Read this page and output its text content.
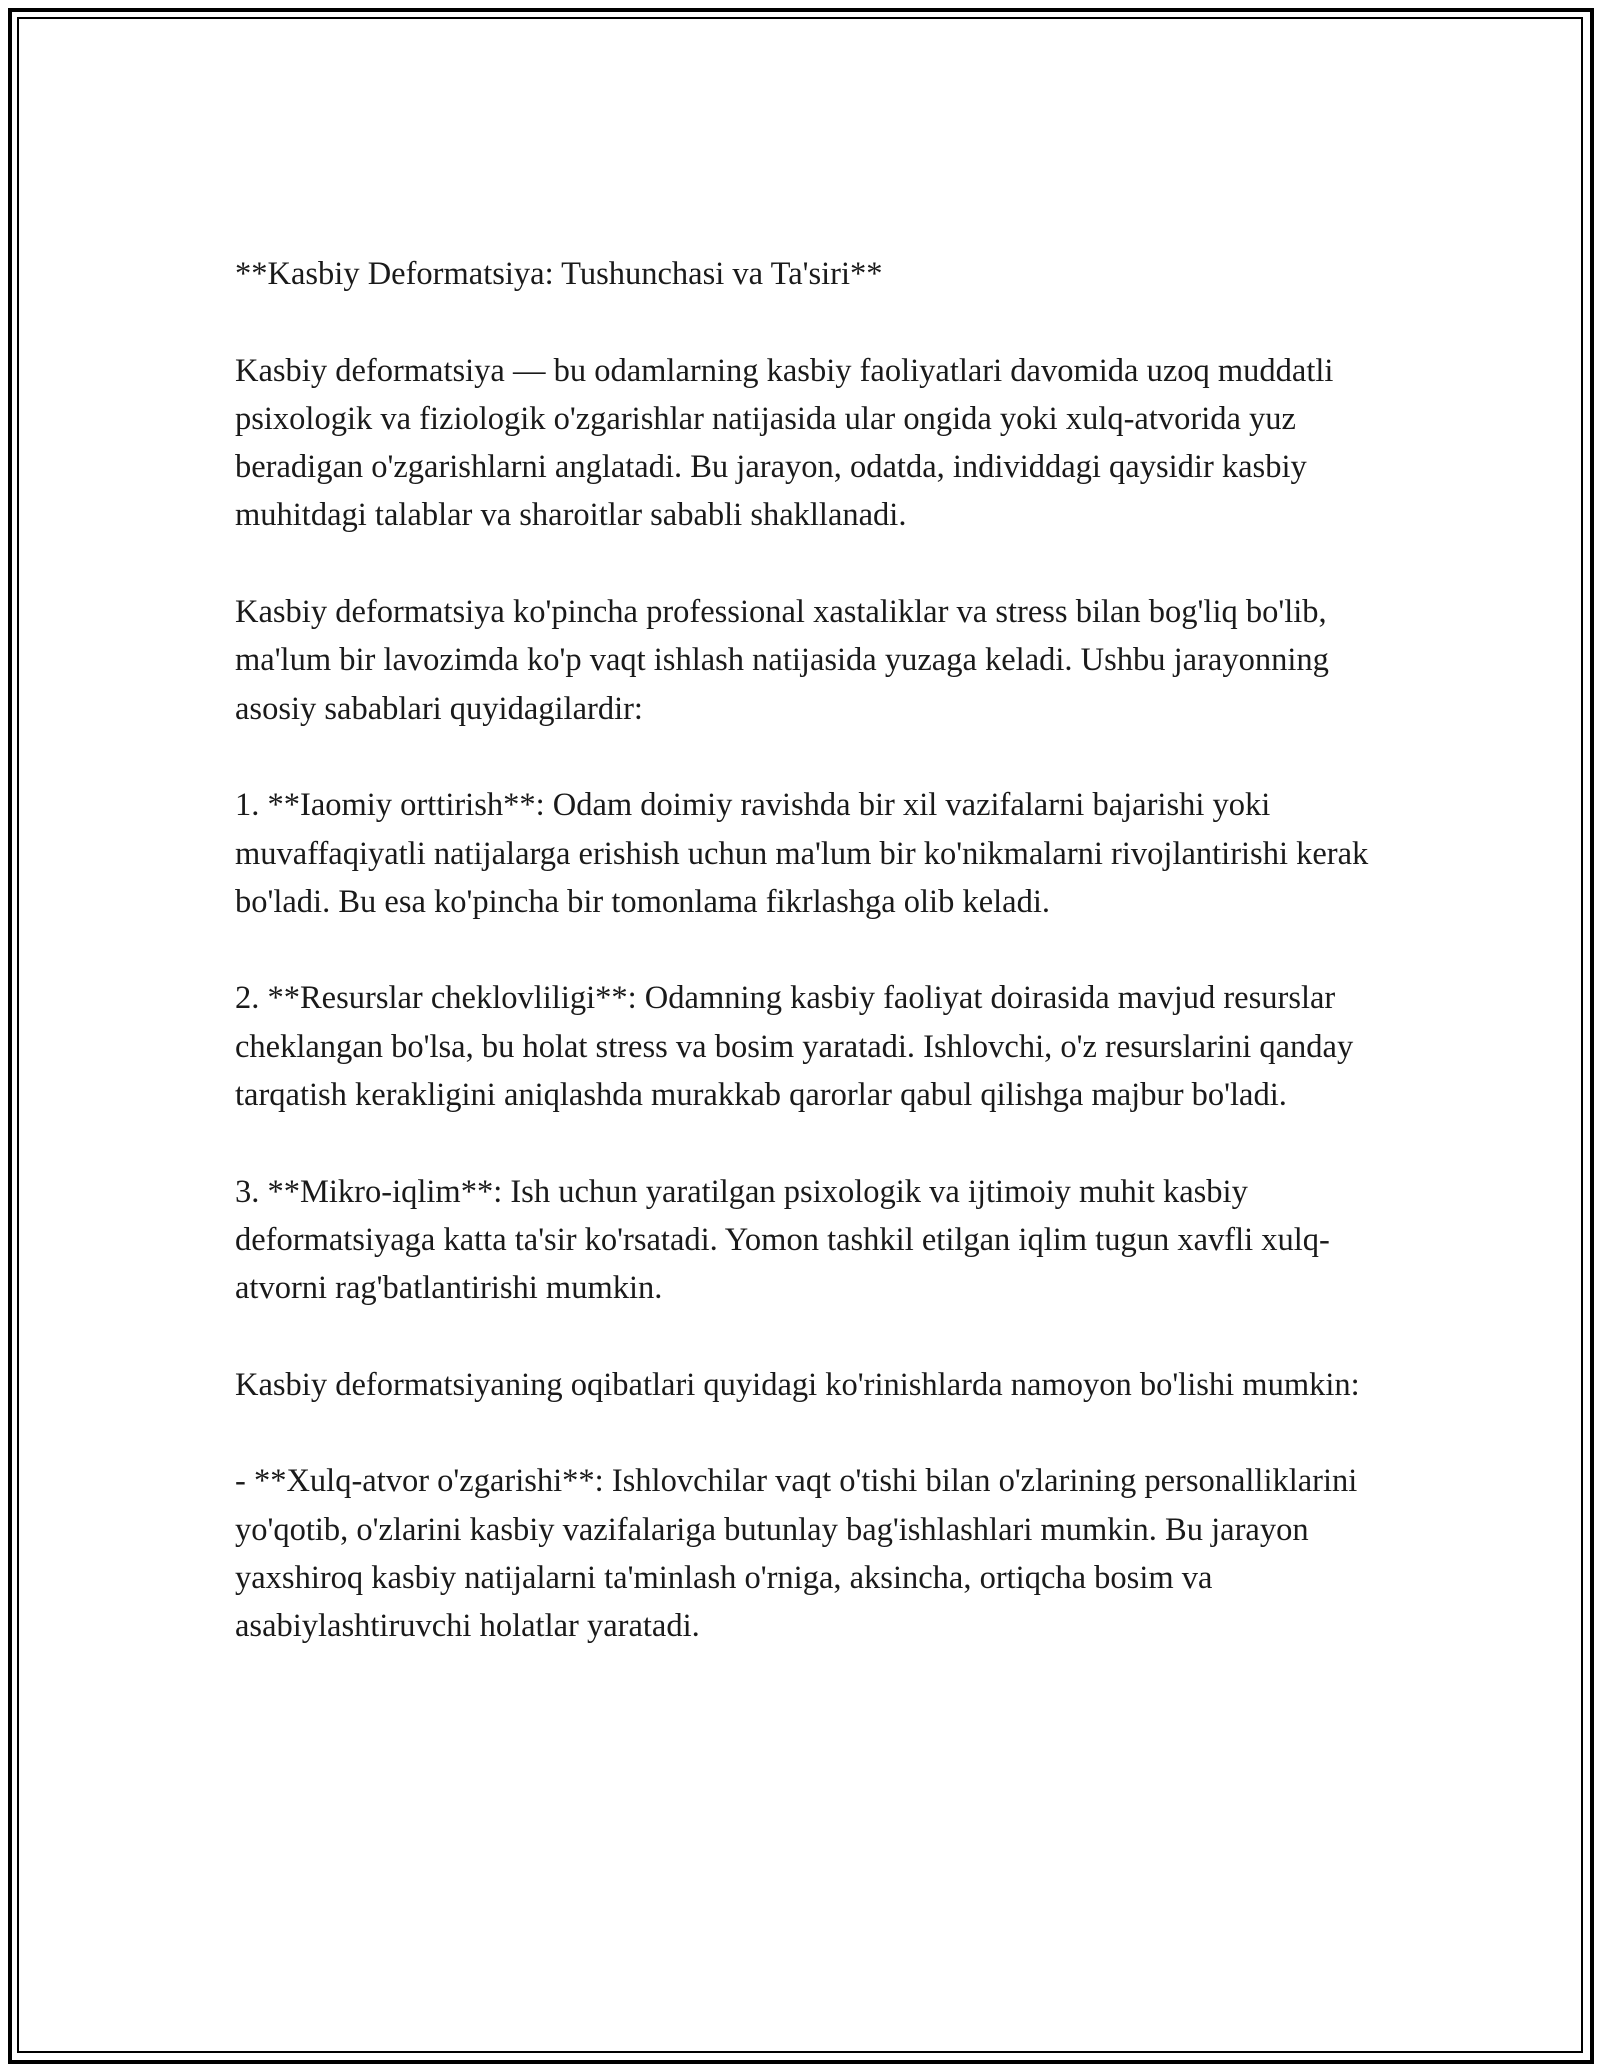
**Kasbiy Deformatsiya: Tushunchasi va Ta'siri**

Kasbiy deformatsiya — bu odamlarning kasbiy faoliyatlari davomida uzoq muddatli psixologik va fiziologik o'zgarishlar natijasida ular ongida yoki xulq-atvorida yuz beradigan o'zgarishlarni anglatadi. Bu jarayon, odatda, individdagi qaysidir kasbiy muhitdagi talablar va sharoitlar sababli shakllanadi.

Kasbiy deformatsiya ko'pincha professional xastaliklar va stress bilan bog'liq bo'lib, ma'lum bir lavozimda ko'p vaqt ishlash natijasida yuzaga keladi. Ushbu jarayonning asosiy sabablari quyidagilardir:

1. **Iaomiy orttirish**: Odam doimiy ravishda bir xil vazifalarni bajarishi yoki muvaffaqiyatli natijalarga erishish uchun ma'lum bir ko'nikmalarni rivojlantirishi kerak bo'ladi. Bu esa ko'pincha bir tomonlama fikrlashga olib keladi.

2. **Resurslar cheklovliligi**: Odamning kasbiy faoliyat doirasida mavjud resurslar cheklangan bo'lsa, bu holat stress va bosim yaratadi. Ishlovchi, o'z resurslarini qanday tarqatish kerakligini aniqlashda murakkab qarorlar qabul qilishga majbur bo'ladi.

3. **Mikro-iqlim**: Ish uchun yaratilgan psixologik va ijtimoiy muhit kasbiy deformatsiyaga katta ta'sir ko'rsatadi. Yomon tashkil etilgan iqlim tugun xavfli xulq-atvorni rag'batlantirishi mumkin.

Kasbiy deformatsiyaning oqibatlari quyidagi ko'rinishlarda namoyon bo'lishi mumkin:

- **Xulq-atvor o'zgarishi**: Ishlovchilar vaqt o'tishi bilan o'zlarining personalliklarini yo'qotib, o'zlarini kasbiy vazifalariga butunlay bag'ishlashlari mumkin. Bu jarayon yaxshiroq kasbiy natijalarni ta'minlash o'rniga, aksincha, ortiqcha bosim va asabiylashtiruvchi holatlar yaratadi.
